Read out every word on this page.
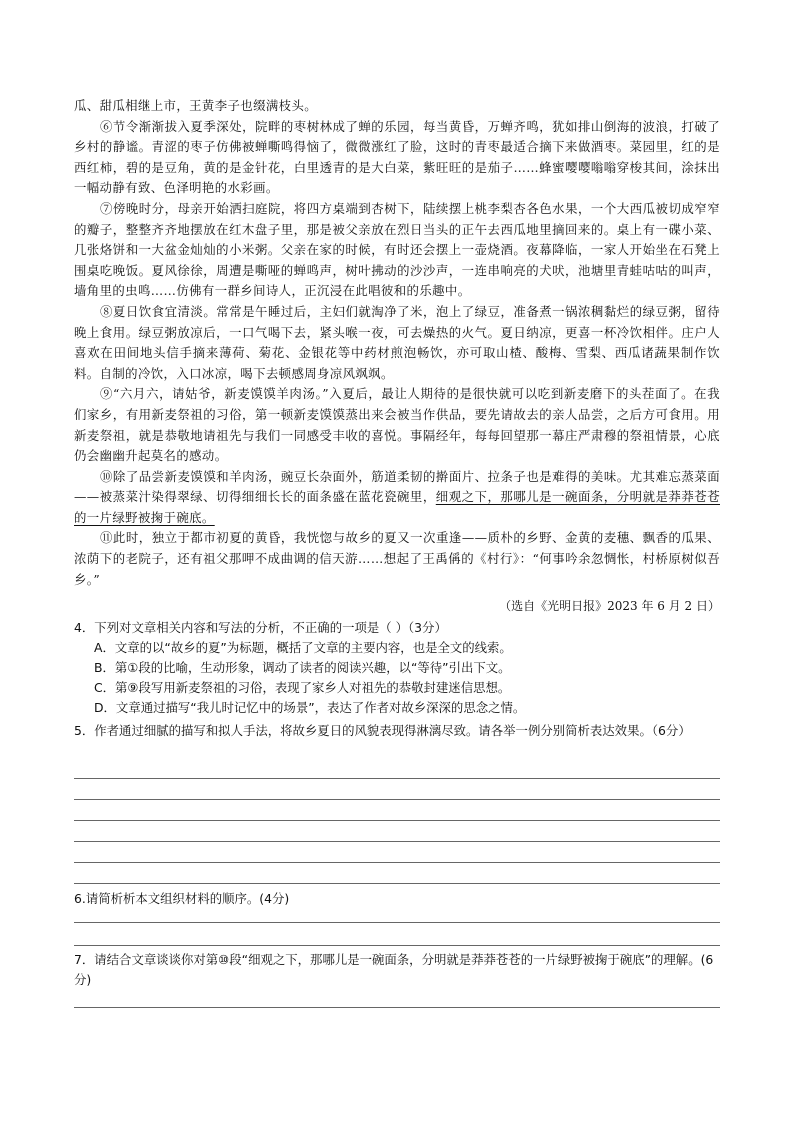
瓜、甜瓜相继上市，王黄李子也缀满枝头。

⑥节令渐渐拔入夏季深处，院畔的枣树林成了蝉的乐园，每当黄昏，万蝉齐鸣，犹如排山倒海的波浪，打破了乡村的静谧。青涩的枣子仿佛被蝉嘶鸣得恼了，微微涨红了脸，这时的青枣最适合摘下来做酒枣。菜园里，红的是西红柿，碧的是豆角，黄的是金针花，白里透青的是大白菜，紫旺旺的是茄子……蜂蜜嘤嘤嗡嗡穿梭其间，涂抹出一幅动静有致、色泽明艳的水彩画。

⑦傍晚时分，母亲开始洒扫庭院，将四方桌端到杏树下，陆续摆上桃李梨杏各色水果，一个大西瓜被切成窄窄的瓣子，整整齐齐地摆放在红木盘子里，那是被父亲放在烈日当头的正午去西瓜地里摘回来的。桌上有一碟小菜、几张烙饼和一大盆金灿灿的小米粥。父亲在家的时候，有时还会摆上一壶烧酒。夜幕降临，一家人开始坐在石凳上围桌吃晚饭。夏风徐徐，周遭是嘶哑的蝉鸣声，树叶拂动的沙沙声，一连串响亮的犬吠，池塘里青蛙咕咕的叫声，墙角里的虫鸣……仿佛有一群乡间诗人，正沉浸在此唱彼和的乐趣中。

⑧夏日饮食宜清淡。常常是午睡过后，主妇们就淘净了米，泡上了绿豆，准备煮一锅浓稠黏烂的绿豆粥，留待晚上食用。绿豆粥放凉后，一口气喝下去，紧头喉一夜，可去燥热的火气。夏日纳凉，更喜一杯冷饮相伴。庄户人喜欢在田间地头信手摘来薄荷、菊花、金银花等中药材煎泡畅饮，亦可取山楂、酸梅、雪梨、西瓜诸蔬果制作饮料。自制的冷饮，入口冰凉，喝下去顿感周身凉风飒飒。

⑨“六月六，请姑爷，新麦馍馍羊肉汤。”入夏后，最让人期待的是很快就可以吃到新麦磨下的头茬面了。在我们家乡，有用新麦祭祖的习俗，第一顿新麦馍馍蒸出来会被当作供品，要先请故去的亲人品尝，之后方可食用。用新麦祭祖，就是恭敬地请祖先与我们一同感受丰收的喜悦。事隔经年，每每回望那一幕庄严肃穆的祭祖情景，心底仍会幽幽升起莫名的感动。

⑩除了品尝新麦馍馍和羊肉汤，豌豆长杂面外，筋道柔韧的擀面片、拉条子也是难得的美味。尤其难忘蒸菜面——被蒸菜汁染得翠绿、切得细细长长的面条盛在蓝花瓷碗里，细观之下，那哪儿是一碗面条，分明就是莽莽苍苍的一片绿野被掬于碗底。

⑪此时，独立于都市初夏的黄昏，我恍惚与故乡的夏又一次重逢——质朴的乡野、金黄的麦穗、飘香的瓜果、浓荫下的老院子，还有祖父那呷不成曲调的信天游……想起了王禹偁的《村行》：“何事吟余忽惆怅，村桥原树似吾乡。”

（选自《光明日报》2023 年 6 月 2 日）

4．下列对文章相关内容和写法的分析，不正确的一项是（ ）（3分）

A．文章的以“故乡的夏”为标题，概括了文章的主要内容，也是全文的线索。

B．第①段的比喻，生动形象，调动了读者的阅读兴趣，以“等待”引出下文。

C．第⑨段写用新麦祭祖的习俗，表现了家乡人对祖先的恭敬封建迷信思想。

D．文章通过描写“我儿时记忆中的场景”，表达了作者对故乡深深的思念之情。

5．作者通过细腻的描写和拟人手法，将故乡夏日的风貌表现得淋漓尽致。请各举一例分别简析表达效果。（6分）

6.请简析析本文组织材料的顺序。(4分)

7．请结合文章谈谈你对第⑩段“细观之下，那哪儿是一碗面条，分明就是莽莽苍苍的一片绿野被掬于碗底”的理解。(6分)
